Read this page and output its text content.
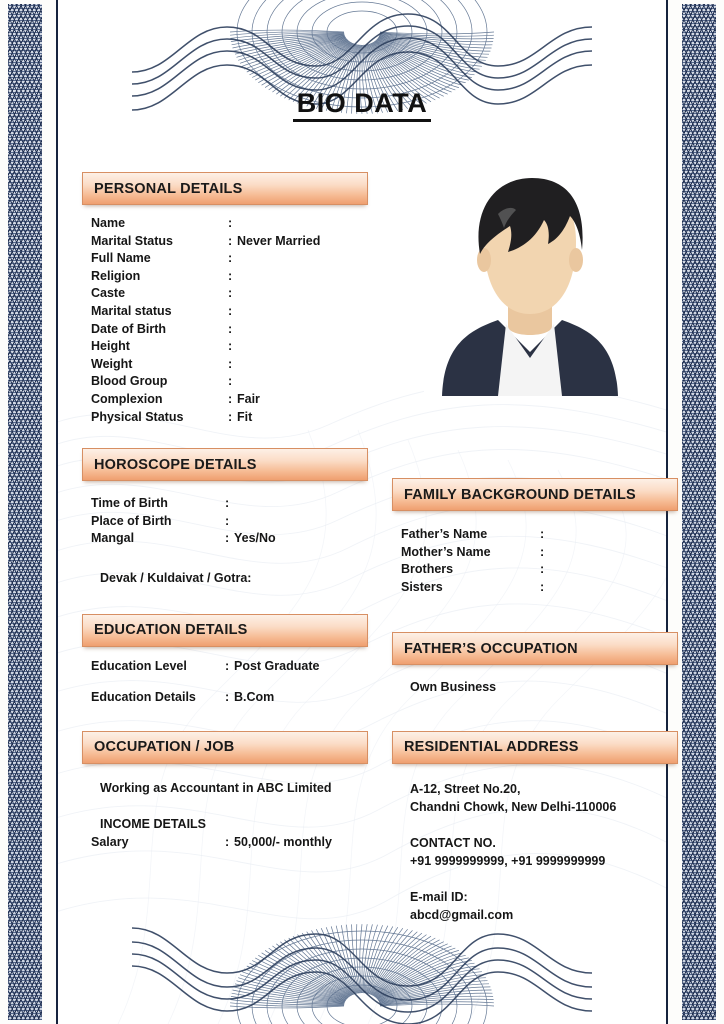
BIO DATA
PERSONAL DETAILS
Name	:
Marital Status	: Never Married
Full Name	:
Religion	:
Caste	:
Marital status	:
Date of Birth	:
Height	:
Weight	:
Blood Group	:
Complexion	: Fair
Physical Status	: Fit
HOROSCOPE DETAILS
Time of Birth	:
Place of Birth	:
Mangal	: Yes/No
Devak / Kuldaivat / Gotra:
EDUCATION DETAILS
Education Level	: Post Graduate
Education Details	: B.Com
OCCUPATION / JOB
Working as Accountant in ABC Limited
INCOME DETAILS
Salary	: 50,000/- monthly
FAMILY BACKGROUND DETAILS
Father’s Name	:
Mother’s Name	:
Brothers	:
Sisters	:
FATHER’S OCCUPATION
Own Business
RESIDENTIAL ADDRESS
A-12, Street No.20,
Chandni Chowk, New Delhi-110006
CONTACT NO.
+91 9999999999, +91 9999999999
E-mail ID:
abcd@gmail.com
